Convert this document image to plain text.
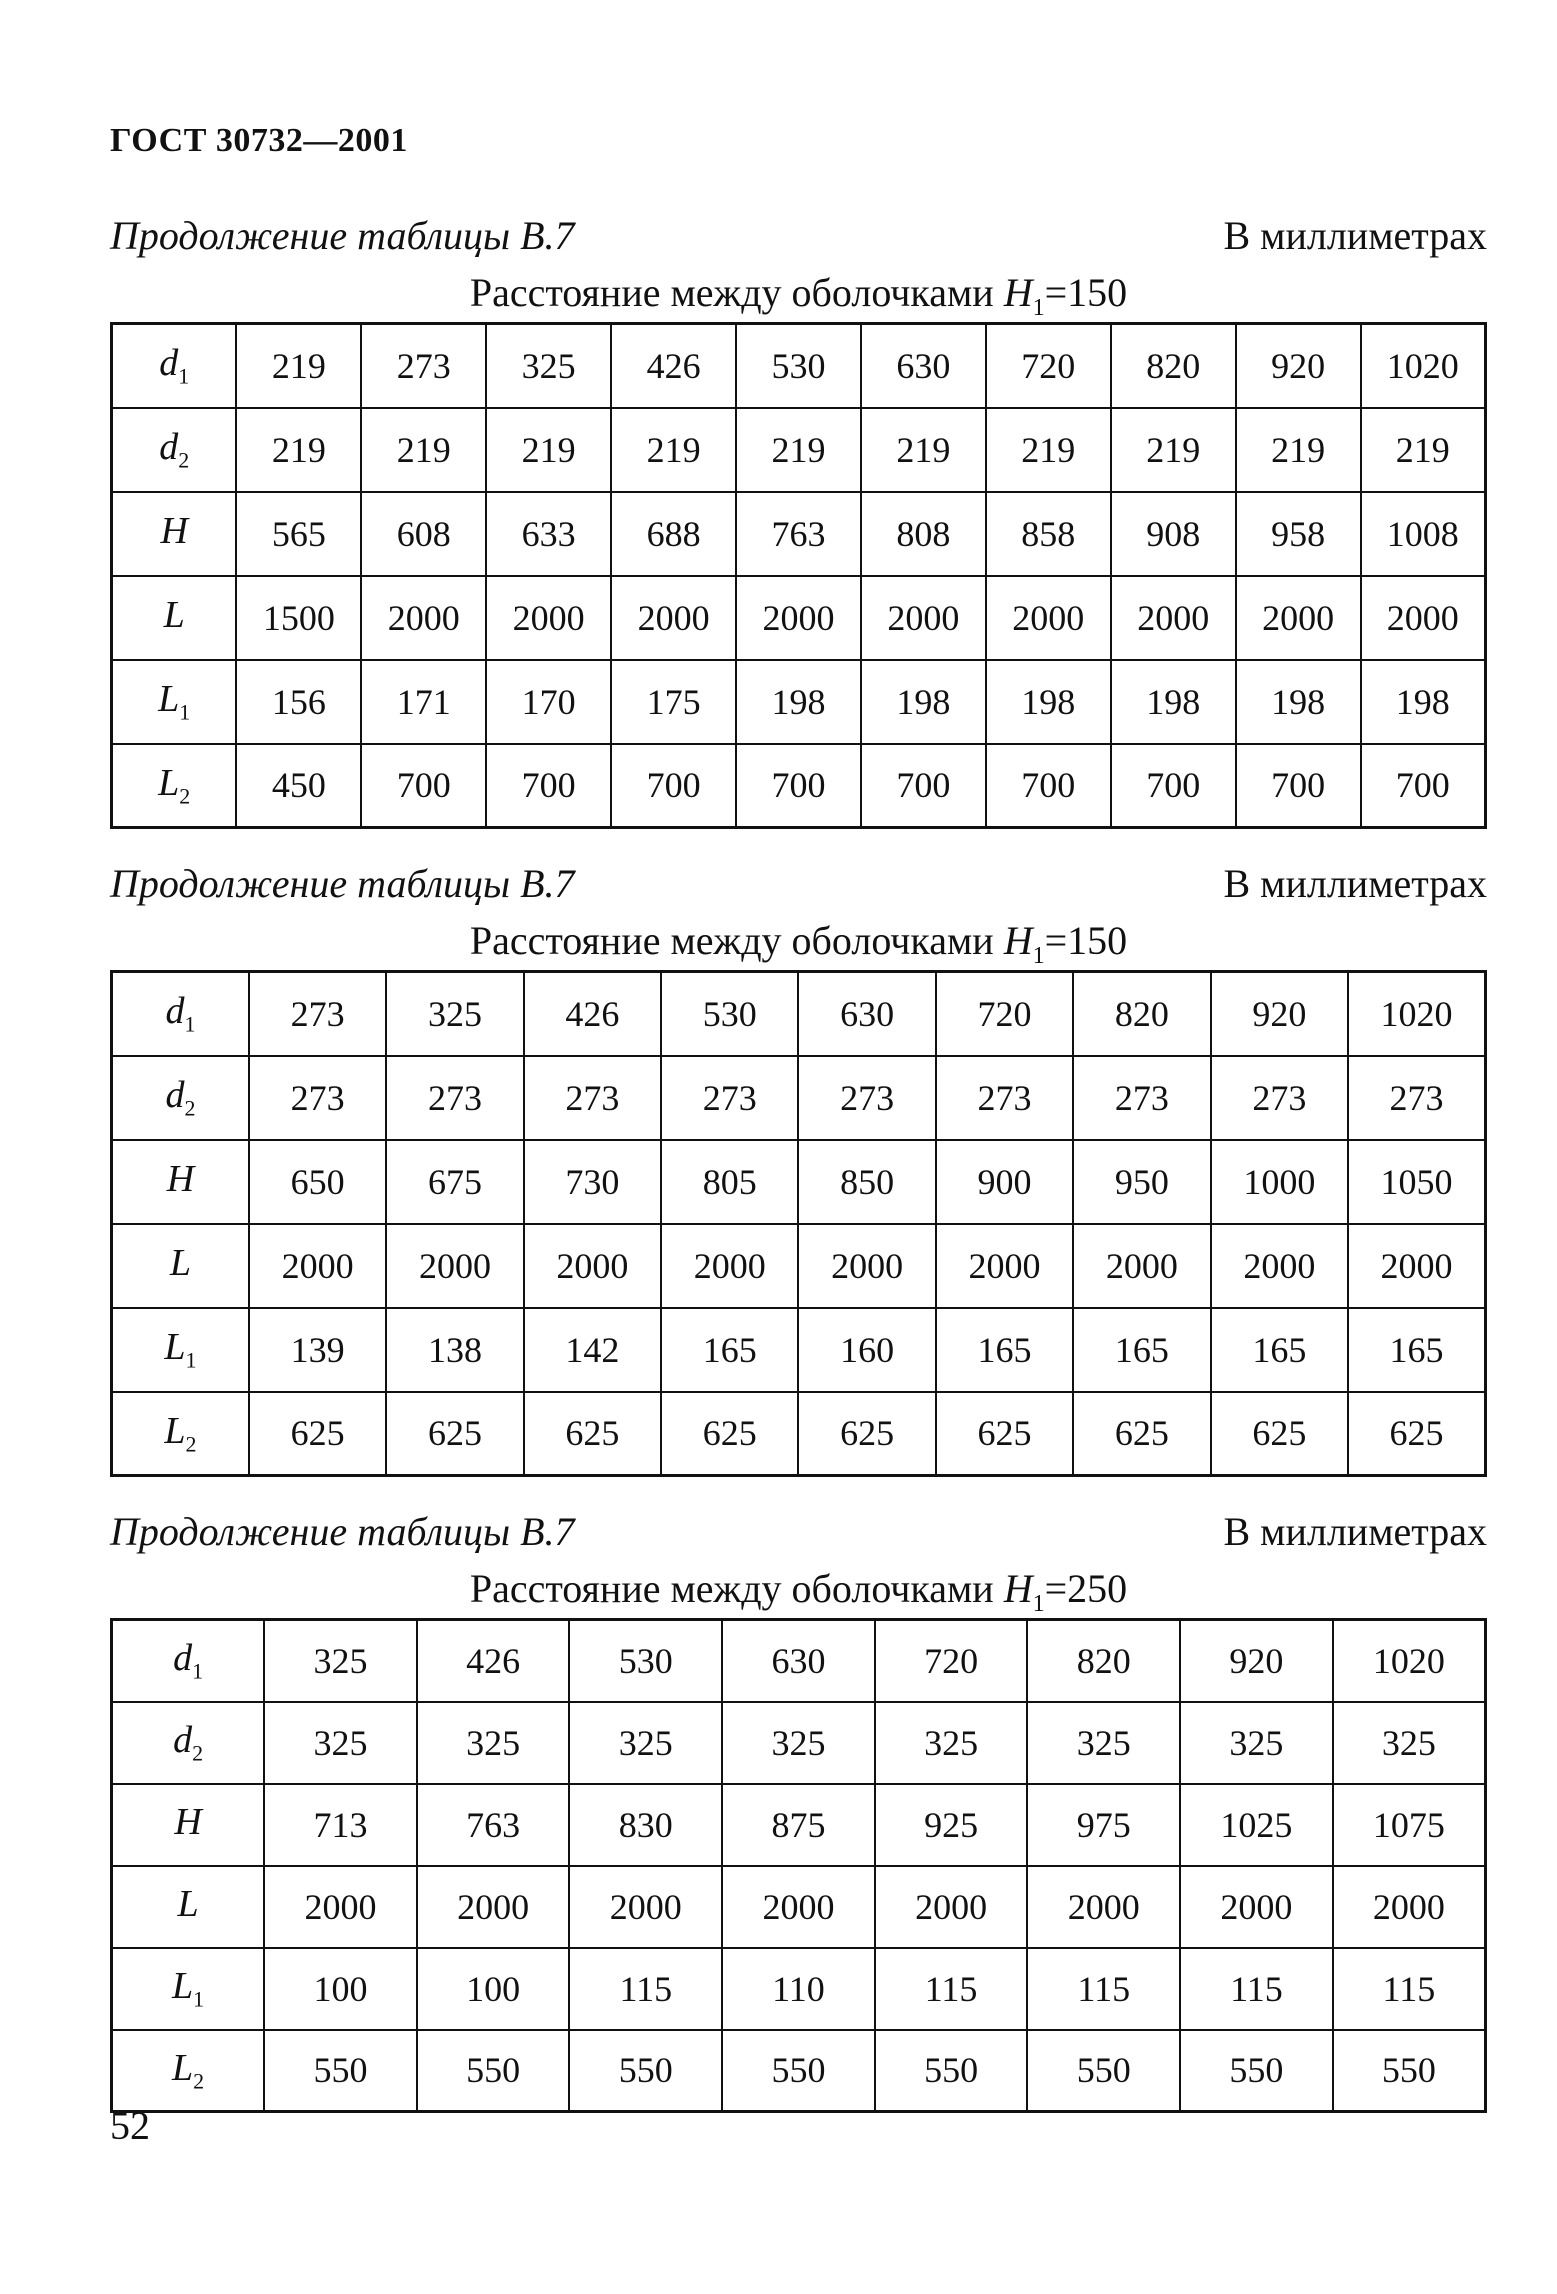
ГОСТ 30732—2001
Продолжение таблицы В.7	В миллиметрах
Расстояние между оболочками $H_1=150$
$d_1$	219	273	325	426	530	630	720	820	920	1020
$d_2$	219	219	219	219	219	219	219	219	219	219
H	565	608	633	688	763	808	858	908	958	1008
L	1500	2000	2000	2000	2000	2000	2000	2000	2000	2000
$L_1$	156	171	170	175	198	198	198	198	198	198
$L_2$	450	700	700	700	700	700	700	700	700	700
Продолжение таблицы В.7	В миллиметрах
Расстояние между оболочками $H_1=150$
$d_1$	273	325	426	530	630	720	820	920	1020
$d_2$	273	273	273	273	273	273	273	273	273
H	650	675	730	805	850	900	950	1000	1050
L	2000	2000	2000	2000	2000	2000	2000	2000	2000
$L_1$	139	138	142	165	160	165	165	165	165
$L_2$	625	625	625	625	625	625	625	625	625
Продолжение таблицы В.7	В миллиметрах
Расстояние между оболочками $H_1=250$
$d_1$	325	426	530	630	720	820	920	1020
$d_2$	325	325	325	325	325	325	325	325
H	713	763	830	875	925	975	1025	1075
L	2000	2000	2000	2000	2000	2000	2000	2000
$L_1$	100	100	115	110	115	115	115	115
$L_2$	550	550	550	550	550	550	550	550
52
